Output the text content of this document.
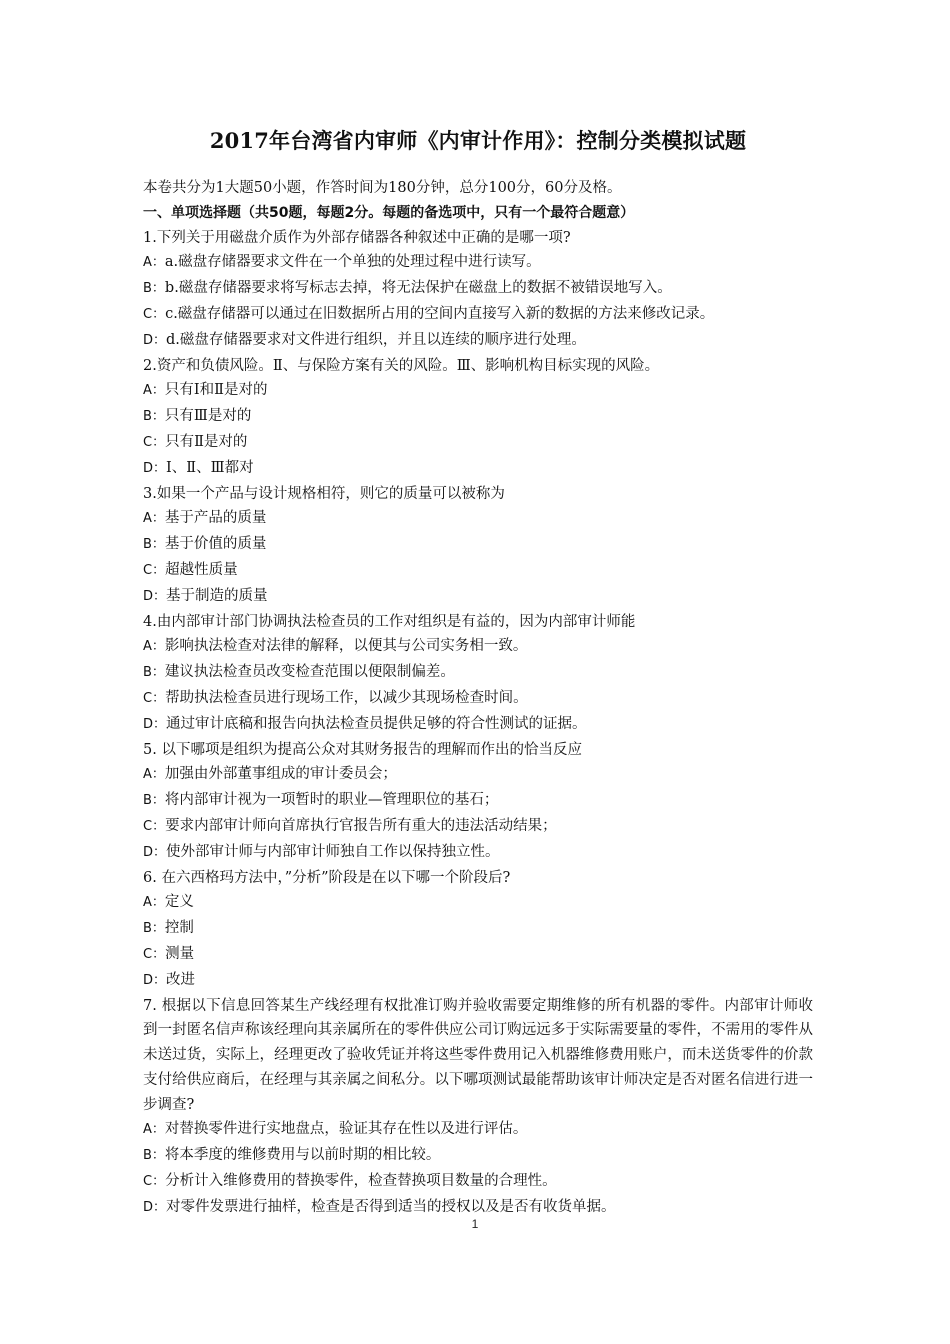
2017年台湾省内审师《内审计作用》：控制分类模拟试题
本卷共分为1大题50小题，作答时间为180分钟，总分100分，60分及格。
一、单项选择题（共50题，每题2分。每题的备选项中，只有一个最符合题意）
1.下列关于用磁盘介质作为外部存储器各种叙述中正确的是哪一项?
A：a.磁盘存储器要求文件在一个单独的处理过程中进行读写。
B：b.磁盘存储器要求将写标志去掉，将无法保护在磁盘上的数据不被错误地写入。
C：c.磁盘存储器可以通过在旧数据所占用的空间内直接写入新的数据的方法来修改记录。
D：d.磁盘存储器要求对文件进行组织，并且以连续的顺序进行处理。
2.资产和负债风险。Ⅱ、与保险方案有关的风险。Ⅲ、影响机构目标实现的风险。
A：只有Ⅰ和Ⅱ是对的
B：只有Ⅲ是对的
C：只有Ⅱ是对的
D：Ⅰ、Ⅱ、Ⅲ都对
3.如果一个产品与设计规格相符，则它的质量可以被称为
A：基于产品的质量
B：基于价值的质量
C：超越性质量
D：基于制造的质量
4.由内部审计部门协调执法检查员的工作对组织是有益的，因为内部审计师能
A：影响执法检查对法律的解释，以便其与公司实务相一致。
B：建议执法检查员改变检查范围以便限制偏差。
C：帮助执法检查员进行现场工作，以减少其现场检查时间。
D：通过审计底稿和报告向执法检查员提供足够的符合性测试的证据。
5. 以下哪项是组织为提高公众对其财务报告的理解而作出的恰当反应
A：加强由外部董事组成的审计委员会；
B：将内部审计视为一项暂时的职业—管理职位的基石；
C：要求内部审计师向首席执行官报告所有重大的违法活动结果；
D：使外部审计师与内部审计师独自工作以保持独立性。
6. 在六西格玛方法中，”分析”阶段是在以下哪一个阶段后?
A：定义
B：控制
C：测量
D：改进
7. 根据以下信息回答某生产线经理有权批准订购并验收需要定期维修的所有机器的零件。内部审计师收到一封匿名信声称该经理向其亲属所在的零件供应公司订购远远多于实际需要量的零件，不需用的零件从未送过货，实际上，经理更改了验收凭证并将这些零件费用记入机器维修费用账户，而未送货零件的价款支付给供应商后，在经理与其亲属之间私分。以下哪项测试最能帮助该审计师决定是否对匿名信进行进一步调查?
A：对替换零件进行实地盘点，验证其存在性以及进行评估。
B：将本季度的维修费用与以前时期的相比较。
C：分析计入维修费用的替换零件，检查替换项目数量的合理性。
D：对零件发票进行抽样，检查是否得到适当的授权以及是否有收货单据。
1
